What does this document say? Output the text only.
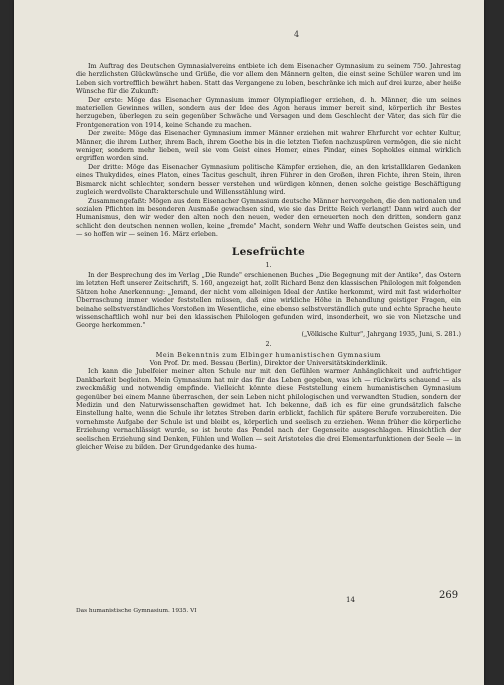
4

Im Auftrag des Deutschen Gymnasialvereins entbiete ich dem Eisenacher Gymnasium zu seinem 750. Jahrestag die herzlichsten Glückwünsche und Grüße, die vor allem den Männern gelten, die einst seine Schüler waren und im Leben sich vortrefflich bewährt haben. Statt das Vergangene zu loben, beschränke ich mich auf drei kurze, aber heiße Wünsche für die Zukunft:

Der erste: Möge das Eisenacher Gymnasium immer Olympiaflieger erziehen, d. h. Männer, die um seines materiellen Gewinnes willen, sondern aus der Idee des Agon heraus immer bereit sind, körperlich ihr Bestes herzugeben, überlegen zu sein gegenüber Schwäche und Versagen und dem Geschlecht der Väter, das sich für die Frontgeneration von 1914, keine Schande zu machen.

Der zweite: Möge das Eisenacher Gymnasium immer Männer erziehen mit wahrer Ehrfurcht vor echter Kultur, Männer, die ihrem Luther, ihrem Bach, ihrem Goethe bis in die letzten Tiefen nachzuspüren vermögen, die sie nicht weniger, sondern mehr lieben, weil sie vom Geist eines Homer, eines Pindar, eines Sophokles einmal wirklich ergriffen worden sind.

Der dritte: Möge das Eisenacher Gymnasium politische Kämpfer erziehen, die, an den kristallklaren Gedanken eines Thukydides, eines Platon, eines Tacitus geschult, ihren Führer in den Großen, ihren Fichte, ihren Stein, ihren Bismarck nicht schlechter, sondern besser verstehen und würdigen können, denen solche geistige Beschäftigung zugleich werdvollste Charakterschule und Willensstählung wird.

Zusammengefaßt: Mögen aus dem Eisenacher Gymnasium deutsche Männer hervorgehen, die den nationalen und sozialen Pflichten im besonderen Ausmaße gewachsen sind, wie sie das Dritte Reich verlangt! Dann wird auch der Humanismus, den wir weder den alten noch den neuen, weder den erneuerten noch den dritten, sondern ganz schlicht den deutschen nennen wollen, keine „fremde" Macht, sondern Wehr und Waffe deutschen Geistes sein, und — so hoffen wir — seinen 16. März erleben.

Lesefrüchte
1.

In der Besprechung des im Verlag „Die Runde" erschienenen Buches „Die Begegnung mit der Antike", das Ostern im letzten Heft unserer Zeitschrift, S. 160, angezeigt hat, zollt Richard Benz den klassischen Philologen mit folgenden Sätzen hohe Anerkennung: „Jemand, der nicht vom alleinigen Ideal der Antike herkommt, wird mit fast widerholter Überraschung immer wieder feststellen müssen, daß eine wirkliche Höhe in Behandlung geistiger Fragen, ein beinahe selbstverständliches Vorstoßen im Wesentliche, eine ebenso selbstverständlich gute und echte Sprache heute wissenschaftlich wohl nur bei den klassischen Philologen gefunden wird, insonderheit, wo sie von Nietzsche und George herkommen."

(„Völkische Kultur", Jahrgang 1935, Juni, S. 281.)
2.

Mein Bekenntnis zum Elbinger humanistischen Gymnasium

Von Prof. Dr. med. Bessau (Berlin), Direktor der Universitätskinderklinik.

Ich kann die Jubelfeier meiner alten Schule nur mit den Gefühlen warmer Anhänglichkeit und aufrichtiger Dankbarkeit begleiten. Mein Gymnasium hat mir das für das Leben gegeben, was ich — rückwärts schauend — als zweckmäßig und notwendig empfinde. Vielleicht könnte diese Feststellung einem humanistischen Gymnasium gegenüber bei einem Manne überraschen, der sein Leben nicht philologischen und verwandten Studien, sondern der Medizin und den Naturwissenschaften gewidmet hat. Ich bekenne, daß ich es für eine grundsätzlich falsche Einstellung halte, wenn die Schule ihr letztes Streben darin erblickt, fachlich für spätere Berufe vorzubereiten. Die vornehmste Aufgabe der Schule ist und bleibt es, körperlich und seelisch zu erziehen. Wenn früher die körperliche Erziehung vernachlässigt wurde, so ist heute das Pendel nach der Gegenseite ausgeschlagen. Hinsichtlich der seelischen Erziehung sind Denken, Fühlen und Wollen — seit Aristoteles die drei Elementarfunktionen der Seele — in gleicher Weise zu bilden. Der Grundgedanke des huma-

Das humanistische Gymnasium. 1935. VI
14	269
